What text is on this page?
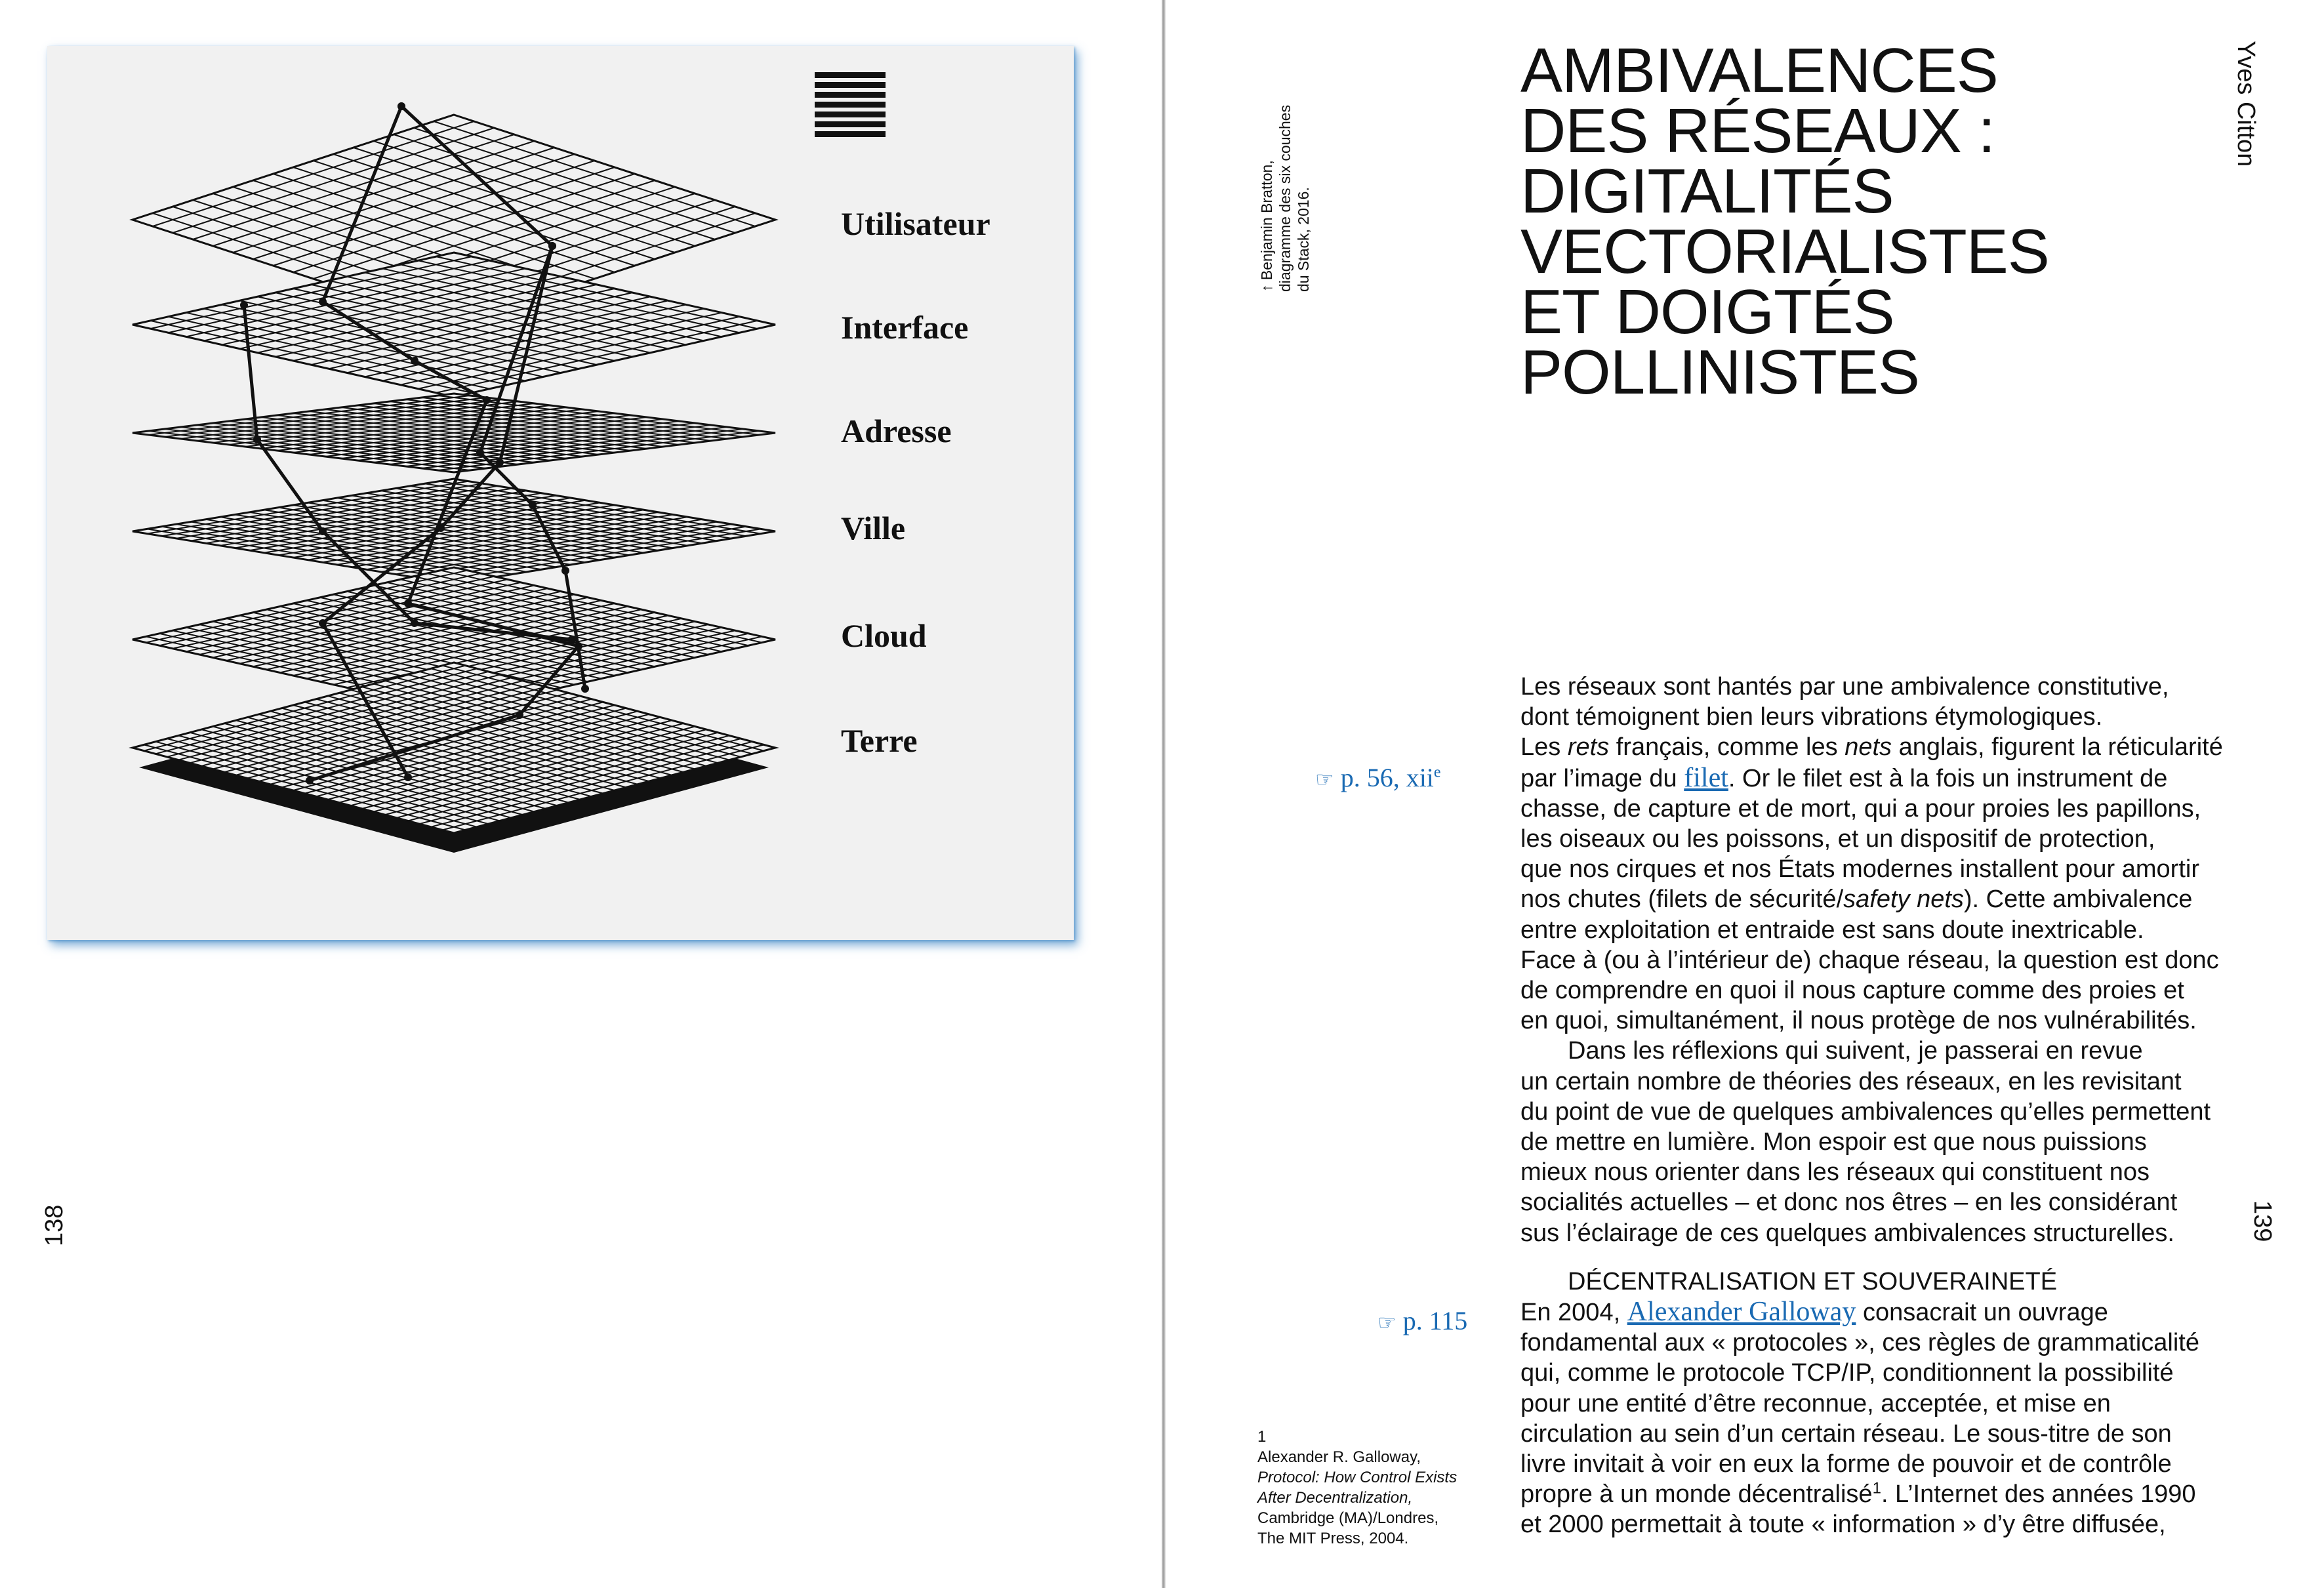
Utilisateur
Interface
Adresse
Ville
Cloud
Terre
138
Yves Citton
↑ Benjamin Bratton,
diagramme des six couches
du Stack, 2016.
AMBIVALENCES
DES RÉSEAUX :
DIGITALITÉS
VECTORIALISTES
ET DOIGTÉS
POLLINISTES
☞ p. 56, xii$^e$
☞ p. 115
Les réseaux sont hantés par une ambivalence constitutive,
dont témoignent bien leurs vibrations étymologiques.
Les rets français, comme les nets anglais, figurent la réticularité
par l’image du filet. Or le filet est à la fois un instrument de
chasse, de capture et de mort, qui a pour proies les papillons,
les oiseaux ou les poissons, et un dispositif de protection,
que nos cirques et nos États modernes installent pour amortir
nos chutes (filets de sécurité/safety nets). Cette ambivalence
entre exploitation et entraide est sans doute inextricable.
Face à (ou à l’intérieur de) chaque réseau, la question est donc
de comprendre en quoi il nous capture comme des proies et
en quoi, simultanément, il nous protège de nos vulnérabilités.
Dans les réflexions qui suivent, je passerai en revue
un certain nombre de théories des réseaux, en les revisitant
du point de vue de quelques ambivalences qu’elles permettent
de mettre en lumière. Mon espoir est que nous puissions
mieux nous orienter dans les réseaux qui constituent nos
socialités actuelles – et donc nos êtres – en les considérant
sus l’éclairage de ces quelques ambivalences structurelles.
DÉCENTRALISATION ET SOUVERAINETÉ
En 2004, Alexander Galloway consacrait un ouvrage
fondamental aux « protocoles », ces règles de grammaticalité
qui, comme le protocole TCP/IP, conditionnent la possibilité
pour une entité d’être reconnue, acceptée, et mise en
circulation au sein d’un certain réseau. Le sous-titre de son
livre invitait à voir en eux la forme de pouvoir et de contrôle
propre à un monde décentralisé$^1$. L’Internet des années 1990
et 2000 permettait à toute « information » d’y être diffusée,
1
Alexander R. Galloway,
Protocol: How Control Exists
After Decentralization,
Cambridge (MA)/Londres,
The MIT Press, 2004.
139
